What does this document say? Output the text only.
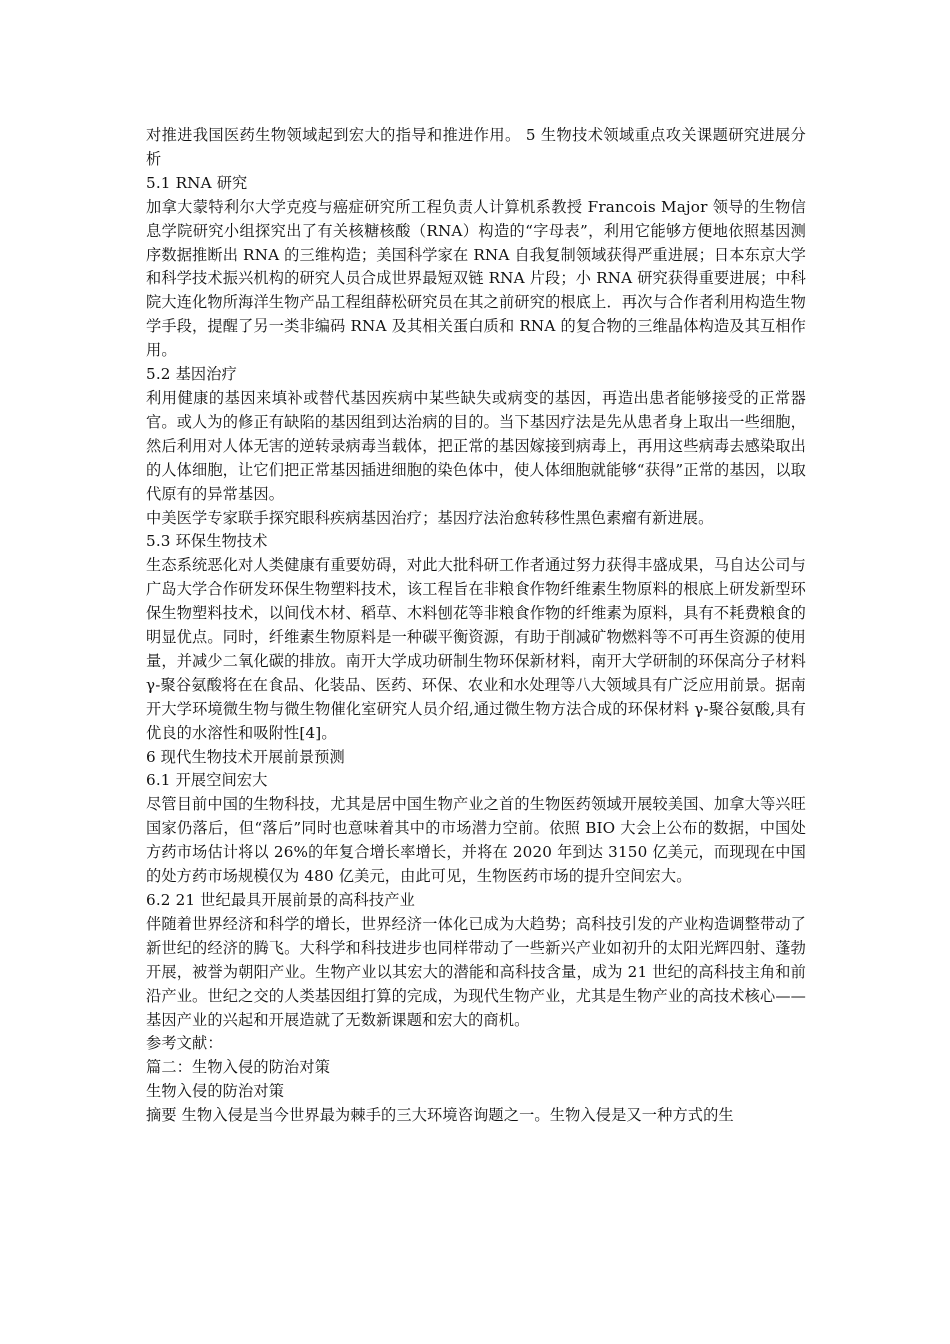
对推进我国医药生物领域起到宏大的指导和推进作用。 5 生物技术领域重点攻关课题研究进展分析

5.1 RNA 研究

加拿大蒙特利尔大学克疫与癌症研究所工程负责人计算机系教授 Francois Major 领导的生物信息学院研究小组探究出了有关核糖核酸（RNA）构造的“字母表”，利用它能够方便地依照基因测序数据推断出 RNA 的三维构造；美国科学家在 RNA 自我复制领域获得严重进展；日本东京大学和科学技术振兴机构的研究人员合成世界最短双链 RNA 片段；小 RNA 研究获得重要进展；中科院大连化物所海洋生物产品工程组薛松研究员在其之前研究的根底上．再次与合作者利用构造生物学手段，提醒了另一类非编码 RNA 及其相关蛋白质和 RNA 的复合物的三维晶体构造及其互相作用。

5.2 基因治疗

利用健康的基因来填补或替代基因疾病中某些缺失或病变的基因，再造出患者能够接受的正常器官。或人为的修正有缺陷的基因组到达治病的目的。当下基因疗法是先从患者身上取出一些细胞，然后利用对人体无害的逆转录病毒当载体，把正常的基因嫁接到病毒上，再用这些病毒去感染取出的人体细胞，让它们把正常基因插进细胞的染色体中，使人体细胞就能够“获得”正常的基因，以取代原有的异常基因。

中美医学专家联手探究眼科疾病基因治疗；基因疗法治愈转移性黑色素瘤有新进展。

5.3 环保生物技术

生态系统恶化对人类健康有重要妨碍，对此大批科研工作者通过努力获得丰盛成果，马自达公司与广岛大学合作研发环保生物塑料技术，该工程旨在非粮食作物纤维素生物原料的根底上研发新型环保生物塑料技术，以间伐木材、稻草、木料刨花等非粮食作物的纤维素为原料，具有不耗费粮食的明显优点。同时，纤维素生物原料是一种碳平衡资源，有助于削减矿物燃料等不可再生资源的使用量，并减少二氧化碳的排放。南开大学成功研制生物环保新材料，南开大学研制的环保高分子材料 γ-聚谷氨酸将在在食品、化装品、医药、环保、农业和水处理等八大领域具有广泛应用前景。据南开大学环境微生物与微生物催化室研究人员介绍,通过微生物方法合成的环保材料 γ-聚谷氨酸,具有优良的水溶性和吸附性[4]。

6 现代生物技术开展前景预测

6.1 开展空间宏大

尽管目前中国的生物科技，尤其是居中国生物产业之首的生物医药领域开展较美国、加拿大等兴旺国家仍落后，但“落后”同时也意味着其中的市场潜力空前。依照 BIO 大会上公布的数据，中国处方药市场估计将以 26%的年复合增长率增长，并将在 2020 年到达 3150 亿美元，而现现在中国的处方药市场规模仅为 480 亿美元，由此可见，生物医药市场的提升空间宏大。

6.2 21 世纪最具开展前景的高科技产业

伴随着世界经济和科学的增长，世界经济一体化已成为大趋势；高科技引发的产业构造调整带动了新世纪的经济的腾飞。大科学和科技进步也同样带动了一些新兴产业如初升的太阳光辉四射、蓬勃开展，被誉为朝阳产业。生物产业以其宏大的潜能和高科技含量，成为 21 世纪的高科技主角和前沿产业。世纪之交的人类基因组打算的完成，为现代生物产业，尤其是生物产业的高技术核心——基因产业的兴起和开展造就了无数新课题和宏大的商机。

参考文献：

篇二：生物入侵的防治对策

生物入侵的防治对策

摘要 生物入侵是当今世界最为棘手的三大环境咨询题之一。生物入侵是又一种方式的生
